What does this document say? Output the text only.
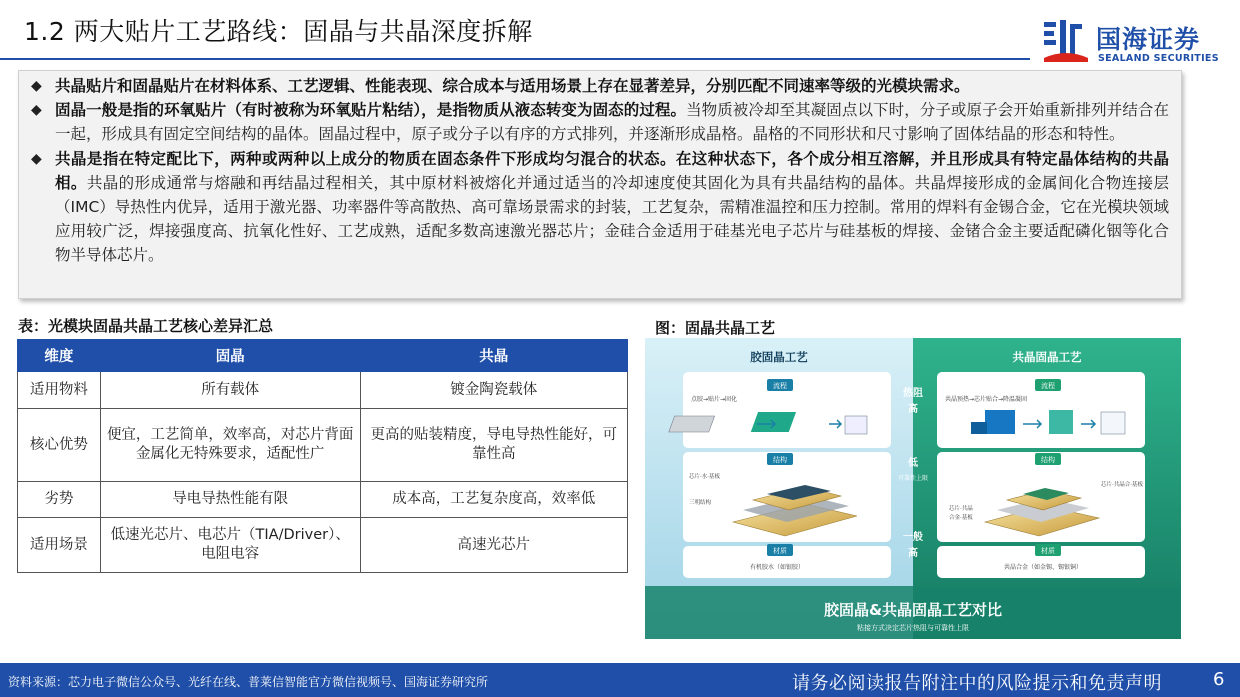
1.2 两大贴片工艺路线：固晶与共晶深度拆解	国海证券
SEALAND SECURITIES
◆ 共晶贴片和固晶贴片在材料体系、工艺逻辑、性能表现、综合成本与适用场景上存在显著差异，分别匹配不同速率等级的光模块需求。
◆ 固晶一般是指的环氧贴片（有时被称为环氧贴片粘结），是指物质从液态转变为固态的过程。当物质被冷却至其凝固点以下时，分子或原子会开始重新排列并结合在一起，形成具有固定空间结构的晶体。固晶过程中，原子或分子以有序的方式排列，并逐渐形成晶格。晶格的不同形状和尺寸影响了固体结晶的形态和特性。
◆ 共晶是指在特定配比下，两种或两种以上成分的物质在固态条件下形成均匀混合的状态。在这种状态下，各个成分相互溶解，并且形成具有特定晶体结构的共晶相。共晶的形成通常与熔融和再结晶过程相关，其中原材料被熔化并通过适当的冷却速度使其固化为具有共晶结构的晶体。共晶焊接形成的金属间化合物连接层（IMC）导热性内优异，适用于激光器、功率器件等高散热、高可靠场景需求的封装，工艺复杂，需精准温控和压力控制。常用的焊料有金锡合金，它在光模块领域应用较广泛，焊接强度高、抗氧化性好、工艺成熟，适配多数高速激光器芯片；金硅合金适用于硅基光电子芯片与硅基板的焊接、金锗合金主要适配磷化铟等化合物半导体芯片。
表：光模块固晶共晶工艺核心差异汇总	图：固晶共晶工艺
维度	固晶	共晶
适用物料	所有载体	镀金陶瓷载体
核心优势	便宜，工艺简单，效率高，对芯片背面金属化无特殊要求，适配性广	更高的贴装精度，导电导热性能好，可靠性高
劣势	导电导热性能有限	成本高，工艺复杂度高，效率低
适用场景	低速光芯片、电芯片（TIA/Driver）、电阻电容	高速光芯片
胶固晶工艺	共晶固晶工艺
流程
点胶→贴片→固化
结构
芯片·水·基板
三明结构
材质
有机胶水（如银胶）
流程
共晶预热→芯片贴合→降温凝固
结构
芯片·共晶合·基板
芯片·共晶
合金·基板
材质
共晶合金（如金锡、锡银铜）
热阻
高
低
可靠性上限
一般
高
胶固晶&共晶固晶工艺对比
粘接方式决定芯片热阻与可靠性上限
资料来源：芯力电子微信公众号、光纤在线、普莱信智能官方微信视频号、国海证券研究所	请务必阅读报告附注中的风险提示和免责声明	6
